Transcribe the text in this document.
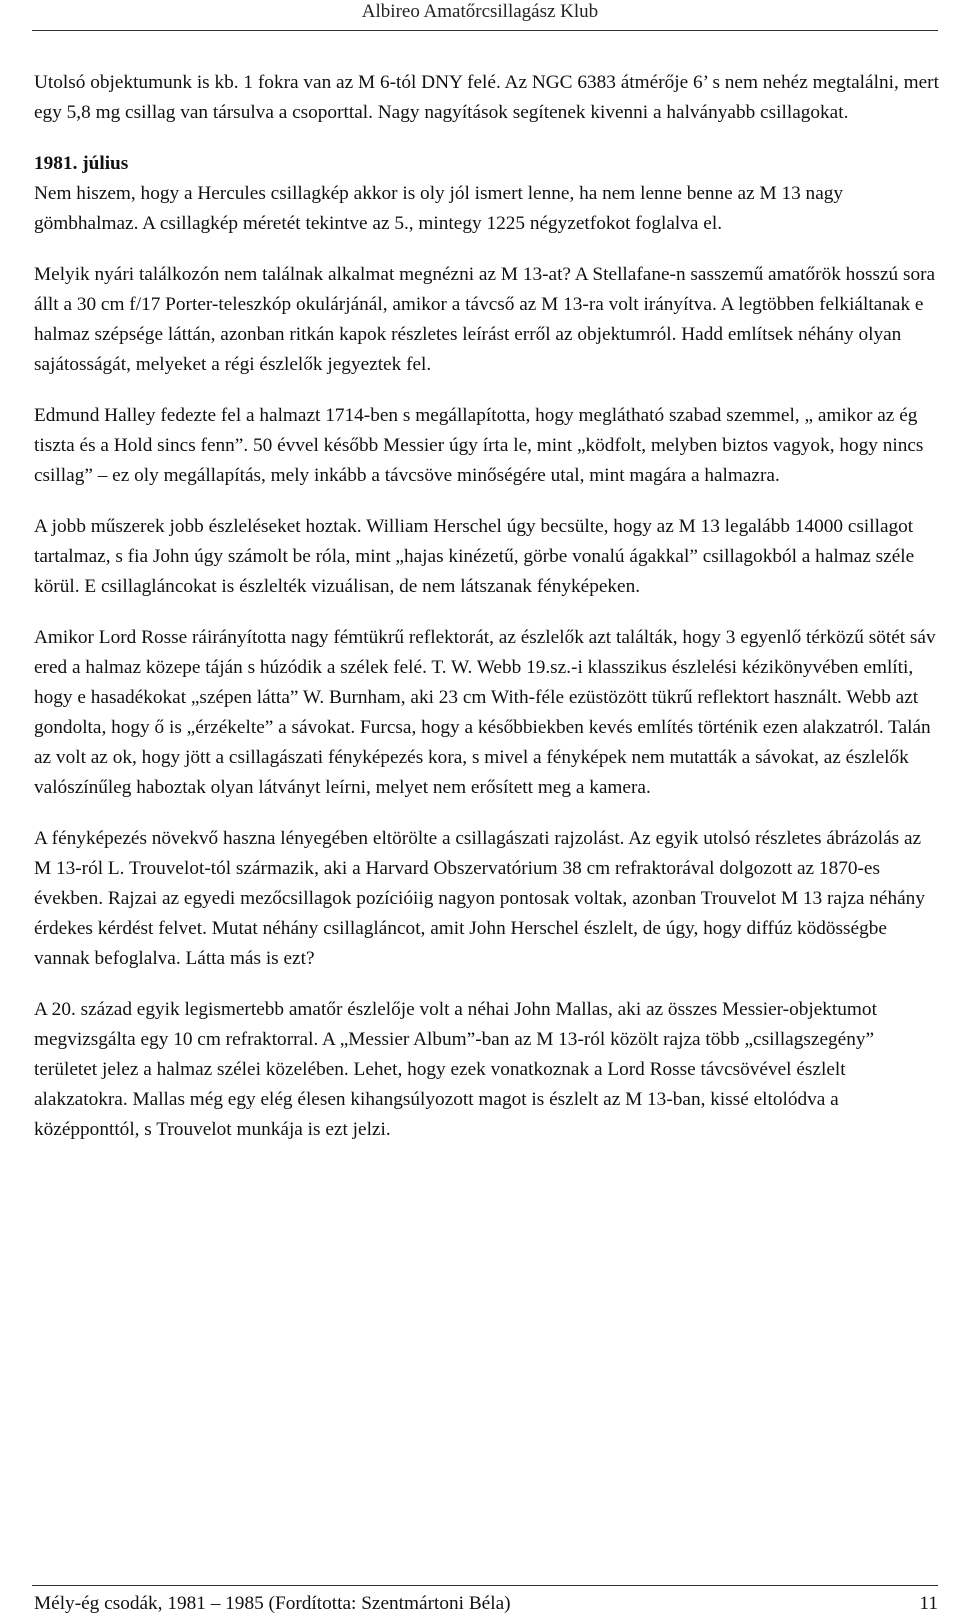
Albireo Amatőrcsillagász Klub

Utolsó objektumunk is kb. 1 fokra van az M 6-tól DNY felé. Az NGC 6383 átmérője 6’ s nem nehéz megtalálni, mert egy 5,8 mg csillag van társulva a csoporttal. Nagy nagyítások segítenek kivenni a halványabb csillagokat.

1981. július
Nem hiszem, hogy a Hercules csillagkép akkor is oly jól ismert lenne, ha nem lenne benne az M 13 nagy gömbhalmaz. A csillagkép méretét tekintve az 5., mintegy 1225 négyzetfokot foglalva el.

Melyik nyári találkozón nem találnak alkalmat megnézni az M 13-at? A Stellafane-n sasszemű amatőrök hosszú sora állt a 30 cm f/17 Porter-teleszkóp okulárjánál, amikor a távcső az M 13-ra volt irányítva. A legtöbben felkiáltanak e halmaz szépsége láttán, azonban ritkán kapok részletes leírást erről az objektumról. Hadd említsek néhány olyan sajátosságát, melyeket a régi észlelők jegyeztek fel.

Edmund Halley fedezte fel a halmazt 1714-ben s megállapította, hogy meglátható szabad szemmel, „ amikor az ég tiszta és a Hold sincs fenn”. 50 évvel később Messier úgy írta le, mint „ködfolt, melyben biztos vagyok, hogy nincs csillag” – ez oly megállapítás, mely inkább a távcsöve minőségére utal, mint magára a halmazra.

A jobb műszerek jobb észleléseket hoztak. William Herschel úgy becsülte, hogy az M 13 legalább 14000 csillagot tartalmaz, s fia John úgy számolt be róla, mint „hajas kinézetű, görbe vonalú ágakkal” csillagokból a halmaz széle körül. E csillagláncokat is észlelték vizuálisan, de nem látszanak fényképeken.

Amikor Lord Rosse ráirányította nagy fémtükrű reflektorát, az észlelők azt találták, hogy 3 egyenlő térközű sötét sáv ered a halmaz közepe táján s húzódik a szélek felé. T. W. Webb 19.sz.-i klasszikus észlelési kézikönyvében említi, hogy e hasadékokat „szépen látta” W. Burnham, aki 23 cm With-féle ezüstözött tükrű reflektort használt. Webb azt gondolta, hogy ő is „érzékelte” a sávokat. Furcsa, hogy a későbbiekben kevés említés történik ezen alakzatról. Talán az volt az ok, hogy jött a csillagászati fényképezés kora, s mivel a fényképek nem mutatták a sávokat, az észlelők valószínűleg haboztak olyan látványt leírni, melyet nem erősített meg a kamera.

A fényképezés növekvő haszna lényegében eltörölte a csillagászati rajzolást. Az egyik utolsó részletes ábrázolás az M 13-ról L. Trouvelot-tól származik, aki a Harvard Obszervatórium 38 cm refraktorával dolgozott az 1870-es években. Rajzai az egyedi mezőcsillagok pozícióiig nagyon pontosak voltak, azonban Trouvelot M 13 rajza néhány érdekes kérdést felvet. Mutat néhány csillagláncot, amit John Herschel észlelt, de úgy, hogy diffúz ködösségbe vannak befoglalva. Látta más is ezt?

A 20. század egyik legismertebb amatőr észlelője volt a néhai John Mallas, aki az összes Messier-objektumot megvizsgálta egy 10 cm refraktorral. A „Messier Album”-ban az M 13-ról közölt rajza több „csillagszegény” területet jelez a halmaz szélei közelében. Lehet, hogy ezek vonatkoznak a Lord Rosse távcsövével észlelt alakzatokra. Mallas még egy elég élesen kihangsúlyozott magot is észlelt az M 13-ban, kissé eltolódva a középponttól, s Trouvelot munkája is ezt jelzi.

Mély-ég csodák, 1981 – 1985 (Fordította: Szentmártoni Béla)	11
